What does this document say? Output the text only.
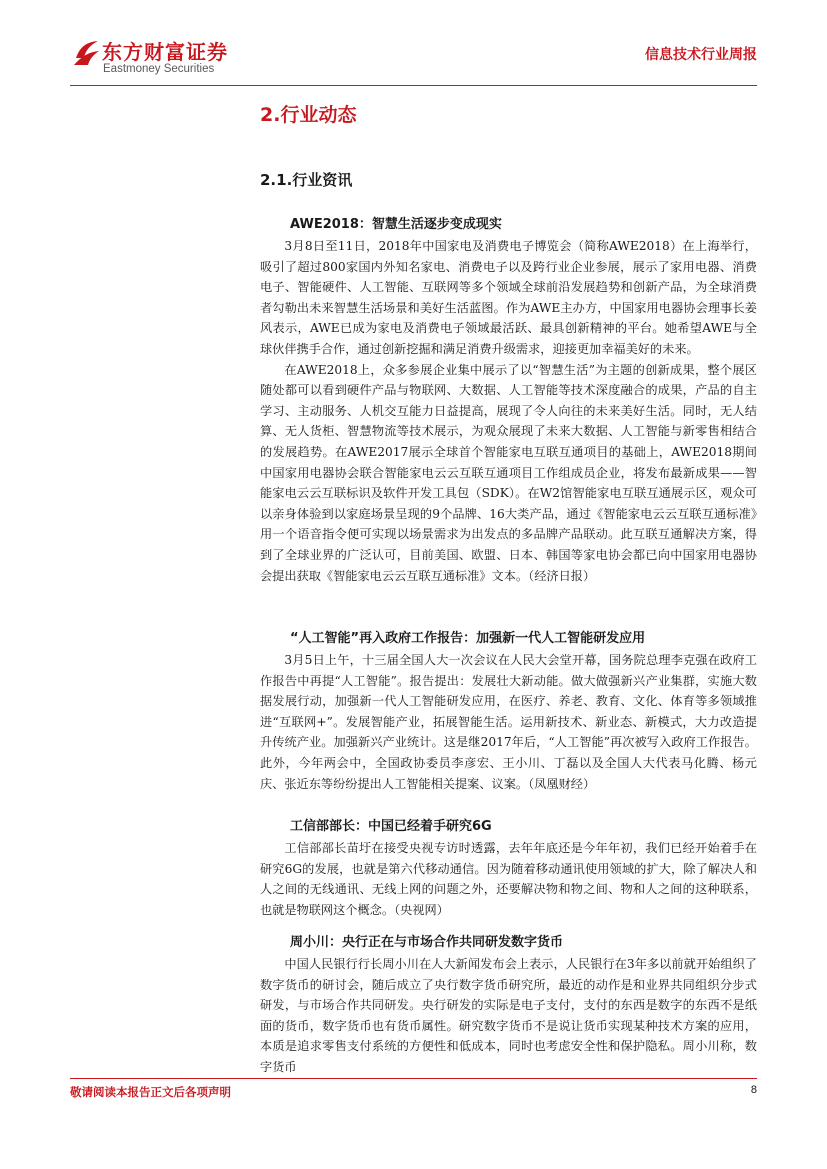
东方财富证券
Eastmoney Securities
信息技术行业周报
2.行业动态
2.1.行业资讯
AWE2018：智慧生活逐步变成现实

3月8日至11日，2018年中国家电及消费电子博览会（简称AWE2018）在上海举行，吸引了超过800家国内外知名家电、消费电子以及跨行业企业参展，展示了家用电器、消费电子、智能硬件、人工智能、互联网等多个领域全球前沿发展趋势和创新产品，为全球消费者勾勒出未来智慧生活场景和美好生活蓝图。作为AWE主办方，中国家用电器协会理事长姜风表示，AWE已成为家电及消费电子领域最活跃、最具创新精神的平台。她希望AWE与全球伙伴携手合作，通过创新挖掘和满足消费升级需求，迎接更加幸福美好的未来。

在AWE2018上，众多参展企业集中展示了以“智慧生活”为主题的创新成果，整个展区随处都可以看到硬件产品与物联网、大数据、人工智能等技术深度融合的成果，产品的自主学习、主动服务、人机交互能力日益提高，展现了令人向往的未来美好生活。同时，无人结算、无人货柜、智慧物流等技术展示，为观众展现了未来大数据、人工智能与新零售相结合的发展趋势。在AWE2017展示全球首个智能家电互联互通项目的基础上，AWE2018期间中国家用电器协会联合智能家电云云互联互通项目工作组成员企业，将发布最新成果——智能家电云云互联标识及软件开发工具包（SDK）。在W2馆智能家电互联互通展示区，观众可以亲身体验到以家庭场景呈现的9个品牌、16大类产品，通过《智能家电云云互联互通标准》用一个语音指令便可实现以场景需求为出发点的多品牌产品联动。此互联互通解决方案，得到了全球业界的广泛认可，目前美国、欧盟、日本、韩国等家电协会都已向中国家用电器协会提出获取《智能家电云云互联互通标准》文本。（经济日报）

“人工智能”再入政府工作报告：加强新一代人工智能研发应用

3月5日上午，十三届全国人大一次会议在人民大会堂开幕，国务院总理李克强在政府工作报告中再提“人工智能”。报告提出：发展壮大新动能。做大做强新兴产业集群，实施大数据发展行动，加强新一代人工智能研发应用，在医疗、养老、教育、文化、体育等多领域推进“互联网+”。发展智能产业，拓展智能生活。运用新技术、新业态、新模式，大力改造提升传统产业。加强新兴产业统计。这是继2017年后，“人工智能”再次被写入政府工作报告。此外，今年两会中，全国政协委员李彦宏、王小川、丁磊以及全国人大代表马化腾、杨元庆、张近东等纷纷提出人工智能相关提案、议案。（凤凰财经）

工信部部长：中国已经着手研究6G

工信部部长苗圩在接受央视专访时透露，去年年底还是今年年初，我们已经开始着手在研究6G的发展，也就是第六代移动通信。因为随着移动通讯使用领域的扩大，除了解决人和人之间的无线通讯、无线上网的问题之外，还要解决物和物之间、物和人之间的这种联系，也就是物联网这个概念。（央视网）

周小川：央行正在与市场合作共同研发数字货币

中国人民银行行长周小川在人大新闻发布会上表示，人民银行在3年多以前就开始组织了数字货币的研讨会，随后成立了央行数字货币研究所，最近的动作是和业界共同组织分步式研发，与市场合作共同研发。央行研发的实际是电子支付，支付的东西是数字的东西不是纸面的货币，数字货币也有货币属性。研究数字货币不是说让货币实现某种技术方案的应用，本质是追求零售支付系统的方便性和低成本，同时也考虑安全性和保护隐私。周小川称，数字货币

敬请阅读本报告正文后各项声明	8
